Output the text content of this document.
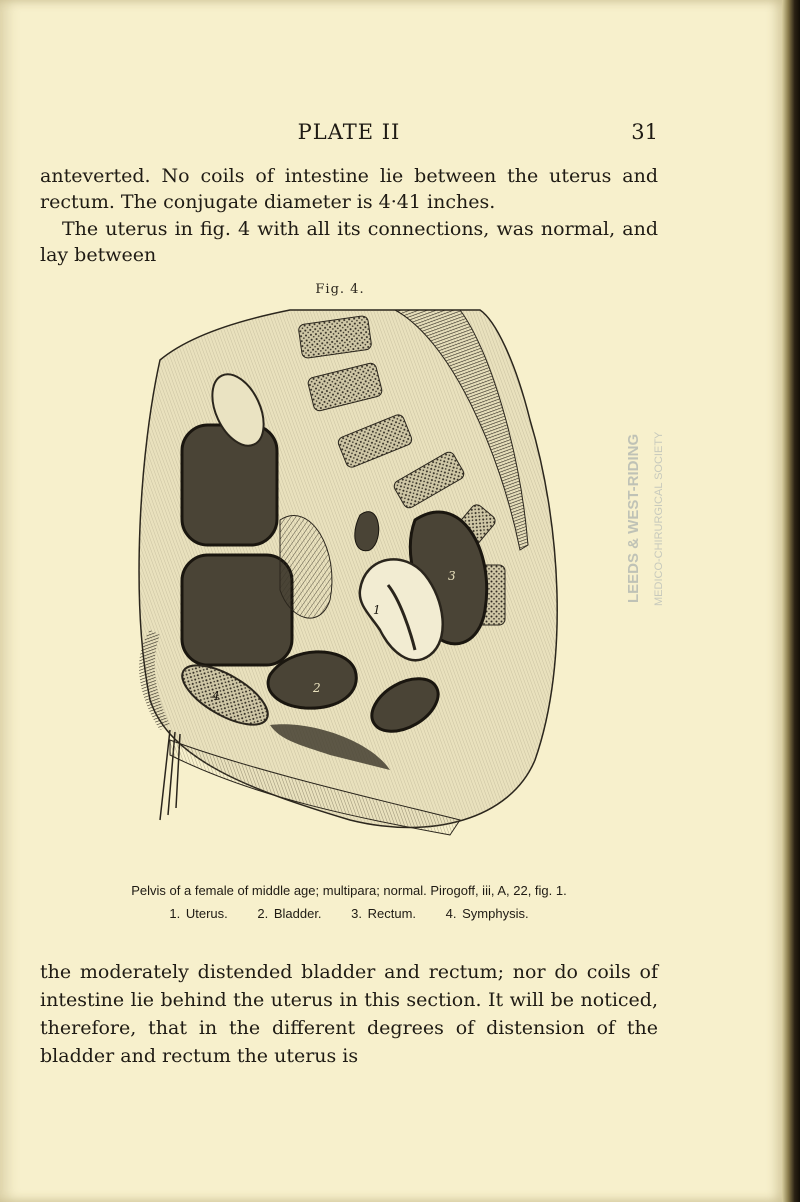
PLATE II	31

anteverted. No coils of intestine lie between the uterus and rectum. The conjugate diameter is 4·41 inches.

The uterus in fig. 4 with all its connections, was normal, and lay between

Fig. 4.
1
2
3
4
Pelvis of a female of middle age; multipara; normal. Pirogoff, iii, A, 22, fig. 1.
1. Uterus. 2. Bladder. 3. Rectum. 4. Symphysis.

the moderately distended bladder and rectum; nor do coils of intestine lie behind the uterus in this section. It will be noticed, therefore, that in the different degrees of distension of the bladder and rectum the uterus is

LEEDS & WEST-RIDING MEDICO-CHIRURGICAL SOCIETY
